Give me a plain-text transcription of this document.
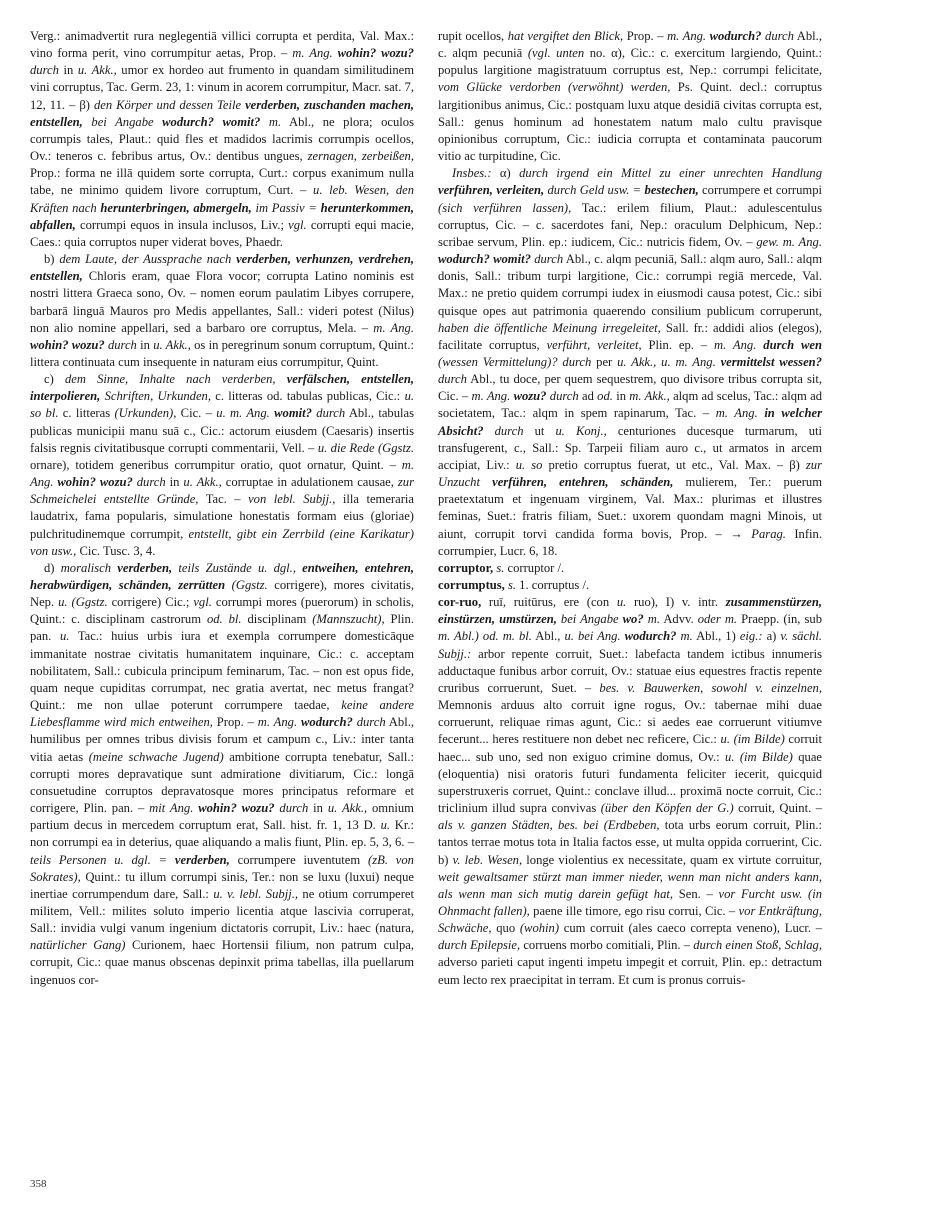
Verg.: animadvertit rura neglegentiā villici corrupta et perdita, Val. Max.: vino forma perit, vino corrumpitur aetas, Prop. – m. Ang. wohin? wozu? durch in u. Akk., umor ex hordeo aut frumento in quandam similitudinem vini corruptus, Tac. Germ. 23, 1: vinum in acorem corrumpitur, Macr. sat. 7, 12, 11. – β) den Körper und dessen Teile verderben, zuschanden machen, entstellen, bei Angabe wodurch? womit? m. Abl., ne plora; oculos corrumpis tales, Plaut.: quid fles et madidos lacrimis corrumpis ocellos, Ov.: teneros c. febribus artus, Ov.: dentibus ungues, zernagen, zerbeißen, Prop.: forma ne illā quidem sorte corrupta, Curt.: corpus exanimum nulla tabe, ne minimo quidem livore corruptum, Curt. – u. leb. Wesen, den Kräften nach herunterbringen, abmergeln, im Passiv = herunterkommen, abfallen, corrumpi equos in insula inclusos, Liv.; vgl. corrupti equi macie, Caes.: quia corruptos nuper viderat boves, Phaedr.

b) dem Laute, der Aussprache nach verderben, verhunzen, verdrehen, entstellen, Chloris eram, quae Flora vocor; corrupta Latino nominis est nostri littera Graeca sono, Ov. – nomen eorum paulatim Libyes corrupere, barbarā linguā Mauros pro Medis appellantes, Sall.: videri potest (Nilus) non alio nomine appellari, sed a barbaro ore corruptus, Mela. – m. Ang. wohin? wozu? durch in u. Akk., os in peregrinum sonum corruptum, Quint.: littera continuata cum insequente in naturam eius corrumpitur, Quint.

c) dem Sinne, Inhalte nach verderben, verfälschen, entstellen, interpolieren, Schriften, Urkunden, c. litteras od. tabulas publicas, Cic.: u. so bl. c. litteras (Urkunden), Cic. – u. m. Ang. womit? durch Abl., tabulas publicas municipii manu suā c., Cic.: actorum eiusdem (Caesaris) insertis falsis regnis civitatibusque corrupti commentarii, Vell. – u. die Rede (Ggstz. ornare), totidem generibus corrumpitur oratio, quot ornatur, Quint. – m. Ang. wohin? wozu? durch in u. Akk., corruptae in adulationem causae, zur Schmeichelei entstellte Gründe, Tac. – von lebl. Subjj., illa temeraria laudatrix, fama popularis, simulatione honestatis formam eius (gloriae) pulchritudinemque corrumpit, entstellt, gibt ein Zerrbild (eine Karikatur) von usw., Cic. Tusc. 3, 4.

d) moralisch verderben, teils Zustände u. dgl., entweihen, entehren, herabwürdigen, schänden, zerrütten (Ggstz. corrigere), mores civitatis, Nep. u. (Ggstz. corrigere) Cic.; vgl. corrumpi mores (puerorum) in scholis, Quint.: c. disciplinam castrorum od. bl. disciplinam (Mannszucht), Plin. pan. u. Tac.: huius urbis iura et exempla corrumpere domesticāque immanitate nostrae civitatis humanitatem inquinare, Cic.: c. acceptam nobilitatem, Sall.: cubicula principum feminarum, Tac. – non est opus fide, quam neque cupiditas corrumpat, nec gratia avertat, nec metus frangat? Quint.: me non ullae poterunt corrumpere taedae, keine andere Liebesflamme wird mich entweihen, Prop. – m. Ang. wodurch? durch Abl., humilibus per omnes tribus divisis forum et campum c., Liv.: inter tanta vitia aetas (meine schwache Jugend) ambitione corrupta tenebatur, Sall.: corrupti mores depravatique sunt admiratione divitiarum, Cic.: longā consuetudine corruptos depravatosque mores principatus reformare et corrigere, Plin. pan. – mit Ang. wohin? wozu? durch in u. Akk., omnium partium decus in mercedem corruptum erat, Sall. hist. fr. 1, 13 D. u. Kr.: non corrumpi ea in deterius, quae aliquando a malis fiunt, Plin. ep. 5, 3, 6. – teils Personen u. dgl. = verderben, corrumpere iuventutem (zB. von Sokrates), Quint.: tu illum corrumpi sinis, Ter.: non se luxu (luxui) neque inertiae corrumpendum dare, Sall.: u. v. lebl. Subjj., ne otium corrumperet militem, Vell.: milites soluto imperio licentia atque lascivia corruperat, Sall.: invidia vulgi vanum ingenium dictatoris corrupit, Liv.: haec (natura, natürlicher Gang) Curionem, haec Hortensii filium, non patrum culpa, corrupit, Cic.: quae manus obscenas depinxit prima tabellas, illa puellarum ingenuos cor-

rupit ocellos, hat vergiftet den Blick, Prop. – m. Ang. wodurch? durch Abl., c. alqm pecuniā (vgl. unten no. α), Cic.: c. exercitum largiendo, Quint.: populus largitione magistratuum corruptus est, Nep.: corrumpi felicitate, vom Glücke verdorben (verwöhnt) werden, Ps. Quint. decl.: corruptus largitionibus animus, Cic.: postquam luxu atque desidiā civitas corrupta est, Sall.: genus hominum ad honestatem natum malo cultu pravisque opinionibus corruptum, Cic.: iudicia corrupta et contaminata paucorum vitio ac turpitudine, Cic.

Insbes.: α) durch irgend ein Mittel zu einer unrechten Handlung verführen, verleiten, durch Geld usw. = bestechen, corrumpere et corrumpi (sich verführen lassen), Tac.: erilem filium, Plaut.: adulescentulus corruptus, Cic. – c. sacerdotes fani, Nep.: oraculum Delphicum, Nep.: scribae servum, Plin. ep.: iudicem, Cic.: nutricis fidem, Ov. – gew. m. Ang. wodurch? womit? durch Abl., c. alqm pecuniā, Sall.: alqm auro, Sall.: alqm donis, Sall.: tribum turpi largitione, Cic.: corrumpi regiā mercede, Val. Max.: ne pretio quidem corrumpi iudex in eiusmodi causa potest, Cic.: sibi quisque opes aut patrimonia quaerendo consilium publicum corruperunt, haben die öffentliche Meinung irregeleitet, Sall. fr.: addidi alios (elegos), facilitate corruptus, verführt, verleitet, Plin. ep. – m. Ang. durch wen (wessen Vermittelung)? durch per u. Akk., u. m. Ang. vermittelst wessen? durch Abl., tu doce, per quem sequestrem, quo divisore tribus corrupta sit, Cic. – m. Ang. wozu? durch ad od. in m. Akk., alqm ad scelus, Tac.: alqm ad societatem, Tac.: alqm in spem rapinarum, Tac. – m. Ang. in welcher Absicht? durch ut u. Konj., centuriones ducesque turmarum, uti transfugerent, c., Sall.: Sp. Tarpeii filiam auro c., ut armatos in arcem accipiat, Liv.: u. so pretio corruptus fuerat, ut etc., Val. Max. – β) zur Unzucht verführen, entehren, schänden, mulierem, Ter.: puerum praetextatum et ingenuam virginem, Val. Max.: plurimas et illustres feminas, Suet.: fratris filiam, Suet.: uxorem quondam magni Minois, ut aiunt, corrupit torvi candida forma bovis, Prop. – → Parag. Infin. corrumpier, Lucr. 6, 18.

corruptor, s. corruptor /.

corrumptus, s. 1. corruptus /.

cor-ruo, ruī, ruitūrus, ere (con u. ruo), I) v. intr. zusammenstürzen, einstürzen, umstürzen, bei Angabe wo? m. Advv. oder m. Praepp. (in, sub m. Abl.) od. m. bl. Abl., u. bei Ang. wodurch? m. Abl., 1) eig.: a) v. sächl. Subjj.: arbor repente corruit, Suet.: labefacta tandem ictibus innumeris adductaque funibus arbor corruit, Ov.: statuae eius equestres fractis repente cruribus corruerunt, Suet. – bes. v. Bauwerken, sowohl v. einzelnen, Memnonis arduus alto corruit igne rogus, Ov.: tabernae mihi duae corruerunt, reliquae rimas agunt, Cic.: si aedes eae corruerunt vitiumve fecerunt... heres restituere non debet nec reficere, Cic.: u. (im Bilde) corruit haec... sub uno, sed non exiguo crimine domus, Ov.: u. (im Bilde) quae (eloquentia) nisi oratoris futuri fundamenta feliciter iecerit, quicquid superstruxeris corruet, Quint.: conclave illud... proximā nocte corruit, Cic.: triclinium illud supra convivas (über den Köpfen der G.) corruit, Quint. – als v. ganzen Städten, bes. bei (Erdbeben, tota urbs eorum corruit, Plin.: tantos terrae motus tota in Italia factos esse, ut multa oppida corruerint, Cic. b) v. leb. Wesen, longe violentius ex necessitate, quam ex virtute corruitur, weit gewaltsamer stürzt man immer nieder, wenn man nicht anders kann, als wenn man sich mutig darein gefügt hat, Sen. – vor Furcht usw. (in Ohnmacht fallen), paene ille timore, ego risu corrui, Cic. – vor Entkräftung, Schwäche, quo (wohin) cum corruit (ales caeco correpta veneno), Lucr. – durch Epilepsie, corruens morbo comitiali, Plin. – durch einen Stoß, Schlag, adverso parieti caput ingenti impetu impegit et corruit, Plin. ep.: detractum eum lecto rex praecipitat in terram. Et cum is pronus corruis-

358
